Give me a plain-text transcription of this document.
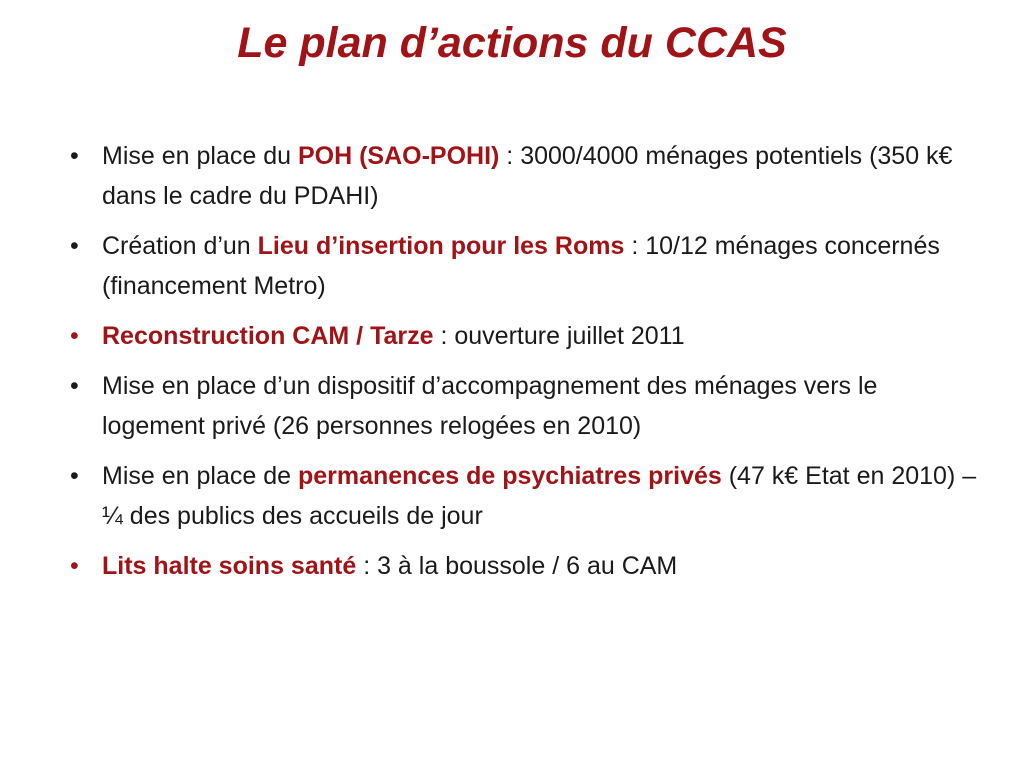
Le plan d’actions du CCAS
• Mise en place du POH (SAO-POHI) : 3000/4000 ménages potentiels (350 k€ dans le cadre du PDAHI)
• Création d’un Lieu d’insertion pour les Roms : 10/12 ménages concernés (financement Metro)
• Reconstruction CAM / Tarze : ouverture juillet 2011
• Mise en place d’un dispositif d’accompagnement des ménages vers le logement privé (26 personnes relogées en 2010)
• Mise en place de permanences de psychiatres privés (47 k€ Etat en 2010) – ¼ des publics des accueils de jour
• Lits halte soins santé : 3 à la boussole / 6 au CAM
